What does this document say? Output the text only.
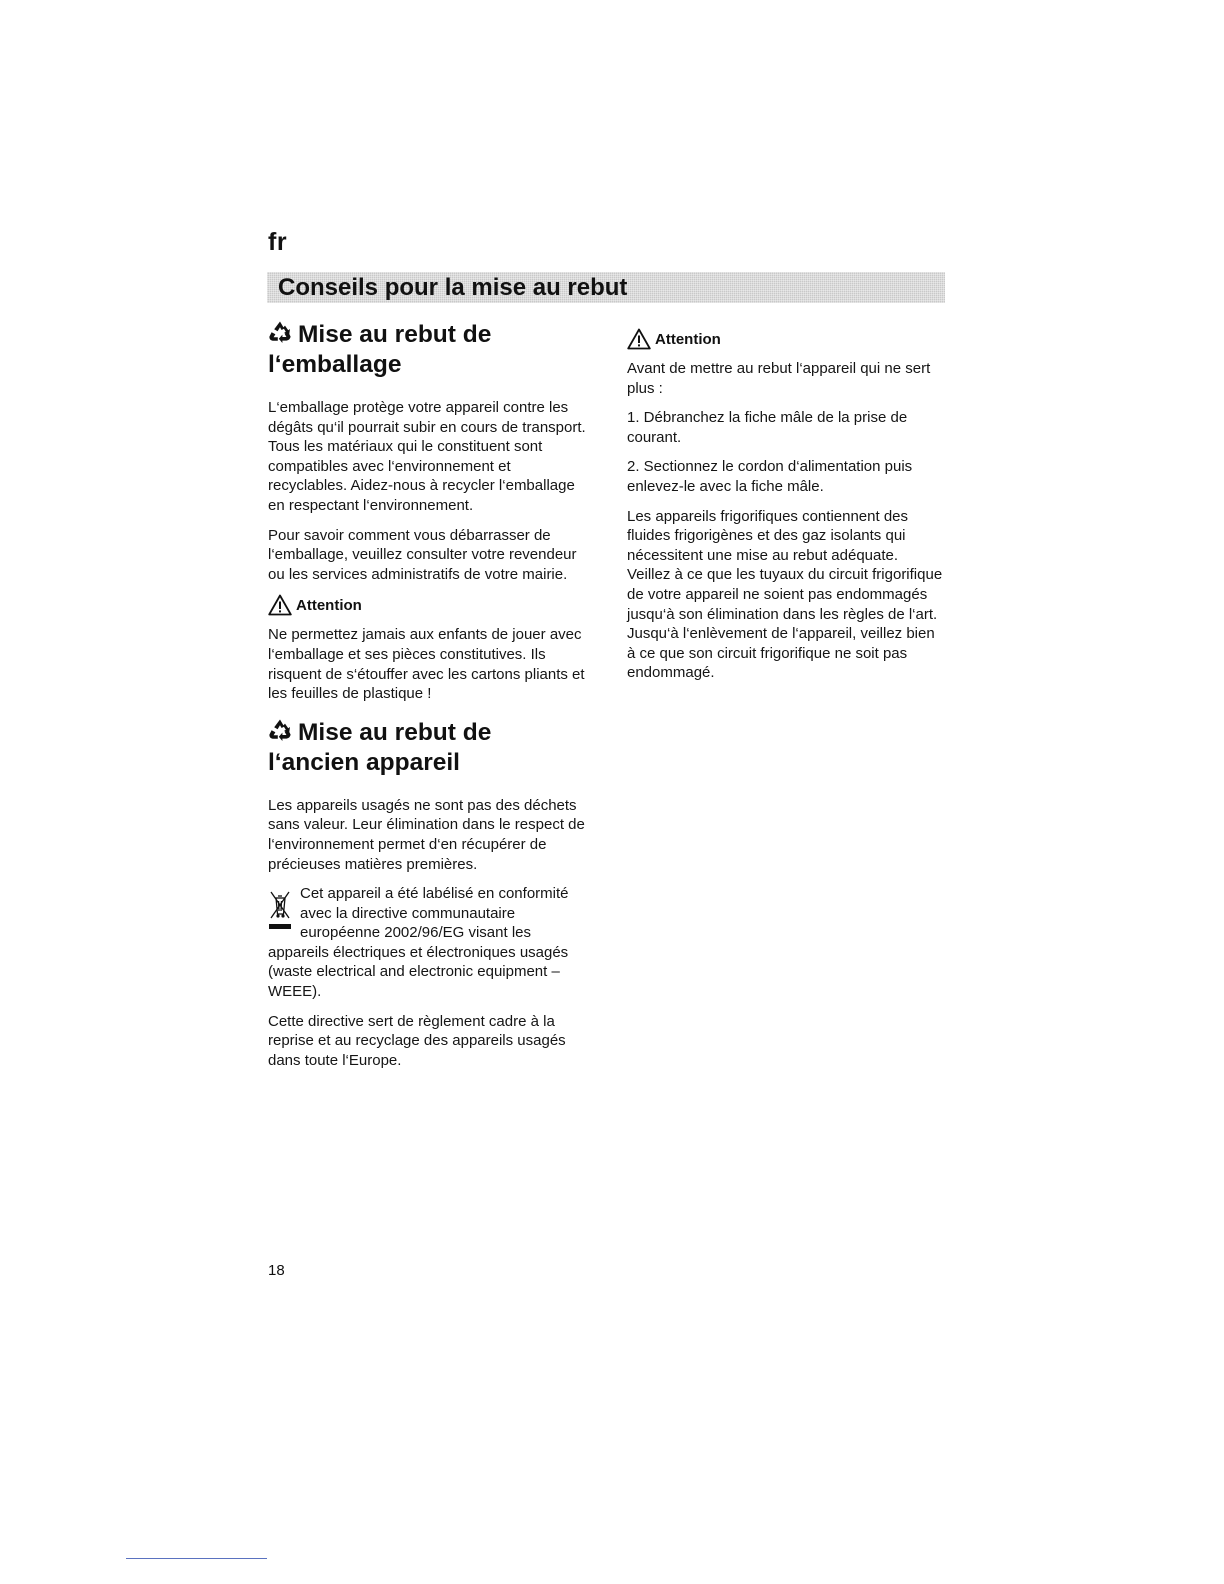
fr
Conseils pour la mise au rebut
Mise au rebut de
l‘emballage

L‘emballage protège votre appareil contre les dégâts qu‘il pourrait subir en cours de transport. Tous les matériaux qui le constituent sont compatibles avec l‘environnement et recyclables. Aidez-nous à recycler l‘emballage en respectant l‘environnement.

Pour savoir comment vous débarrasser de l‘emballage, veuillez consulter votre revendeur ou les services administratifs de votre mairie.

Attention

Ne permettez jamais aux enfants de jouer avec l‘emballage et ses pièces constitutives. Ils risquent de s‘étouffer avec les cartons pliants et les feuilles de plastique !

Mise au rebut de
l‘ancien appareil

Les appareils usagés ne sont pas des déchets sans valeur. Leur élimination dans le respect de l‘environnement permet d‘en récupérer de précieuses matières premières.

Cet appareil a été labélisé en conformité avec la directive communautaire européenne 2002/96/EG visant les appareils électriques et électroniques usagés (waste electrical and electronic equipment – WEEE).

Cette directive sert de règlement cadre à la reprise et au recyclage des appareils usagés dans toute l‘Europe.

Attention

Avant de mettre au rebut l‘appareil qui ne sert plus :

1. Débranchez la fiche mâle de la prise de courant.

2. Sectionnez le cordon d‘alimentation puis enlevez-le avec la fiche mâle.

Les appareils frigorifiques contiennent des fluides frigorigènes et des gaz isolants qui nécessitent une mise au rebut adéquate. Veillez à ce que les tuyaux du circuit frigorifique de votre appareil ne soient pas endommagés jusqu‘à son élimination dans les règles de l‘art. Jusqu‘à l‘enlèvement de l‘appareil, veillez bien à ce que son circuit frigorifique ne soit pas endommagé.

18
